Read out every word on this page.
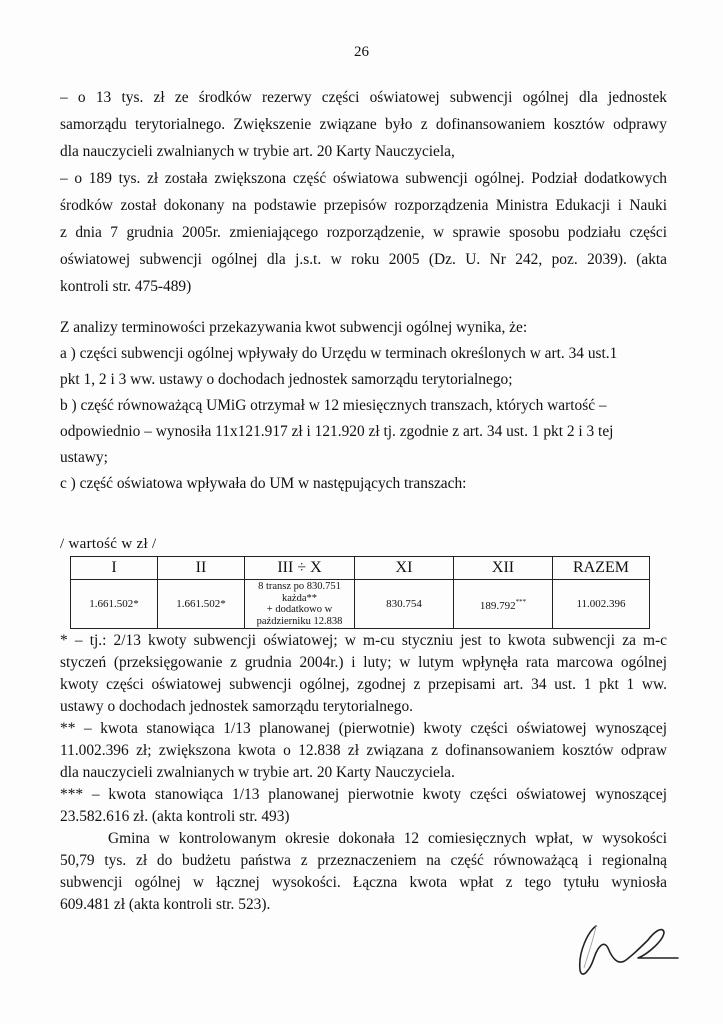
26
– o 13 tys. zł ze środków rezerwy części oświatowej subwencji ogólnej dla jednostek
samorządu terytorialnego. Zwiększenie związane było z dofinansowaniem kosztów odprawy
dla nauczycieli zwalnianych w trybie art. 20 Karty Nauczyciela,
– o 189 tys. zł została zwiększona część oświatowa subwencji ogólnej. Podział dodatkowych
środków został dokonany na podstawie przepisów rozporządzenia Ministra Edukacji i Nauki
z dnia 7 grudnia 2005r. zmieniającego rozporządzenie, w sprawie sposobu podziału części
oświatowej subwencji ogólnej dla j.s.t. w roku 2005 (Dz. U. Nr 242, poz. 2039). (akta
kontroli str. 475-489)
Z analizy terminowości przekazywania kwot subwencji ogólnej wynika, że:
a ) części subwencji ogólnej wpływały do Urzędu w terminach określonych w art. 34 ust.1
pkt 1, 2 i 3 ww. ustawy o dochodach jednostek samorządu terytorialnego;
b ) część równoważącą UMiG otrzymał w 12 miesięcznych transzach, których wartość –
odpowiednio – wynosiła 11x121.917 zł i 121.920 zł tj. zgodnie z art. 34 ust. 1 pkt 2 i 3 tej
ustawy;
c ) część oświatowa wpływała do UM w następujących transzach:
/ wartość w zł /
I	II	III ÷ X	XI	XII	RAZEM
1.661.502*	1.661.502*	8 transz po 830.751
każda**
+ dodatkowo w
październiku 12.838	830.754	189.792***	11.002.396
* – tj.: 2/13 kwoty subwencji oświatowej; w m-cu styczniu jest to kwota subwencji za m-c
styczeń (przeksięgowanie z grudnia 2004r.) i luty; w lutym wpłynęła rata marcowa ogólnej
kwoty części oświatowej subwencji ogólnej, zgodnej z przepisami art. 34 ust. 1 pkt 1 ww.
ustawy o dochodach jednostek samorządu terytorialnego.
** – kwota stanowiąca 1/13 planowanej (pierwotnie) kwoty części oświatowej wynoszącej
11.002.396 zł; zwiększona kwota o 12.838 zł związana z dofinansowaniem kosztów odpraw
dla nauczycieli zwalnianych w trybie art. 20 Karty Nauczyciela.
*** – kwota stanowiąca 1/13 planowanej pierwotnie kwoty części oświatowej wynoszącej
23.582.616 zł. (akta kontroli str. 493)
Gmina w kontrolowanym okresie dokonała 12 comiesięcznych wpłat, w wysokości
50,79 tys. zł do budżetu państwa z przeznaczeniem na część równoważącą i regionalną
subwencji ogólnej w łącznej wysokości. Łączna kwota wpłat z tego tytułu wyniosła
609.481 zł (akta kontroli str. 523).
